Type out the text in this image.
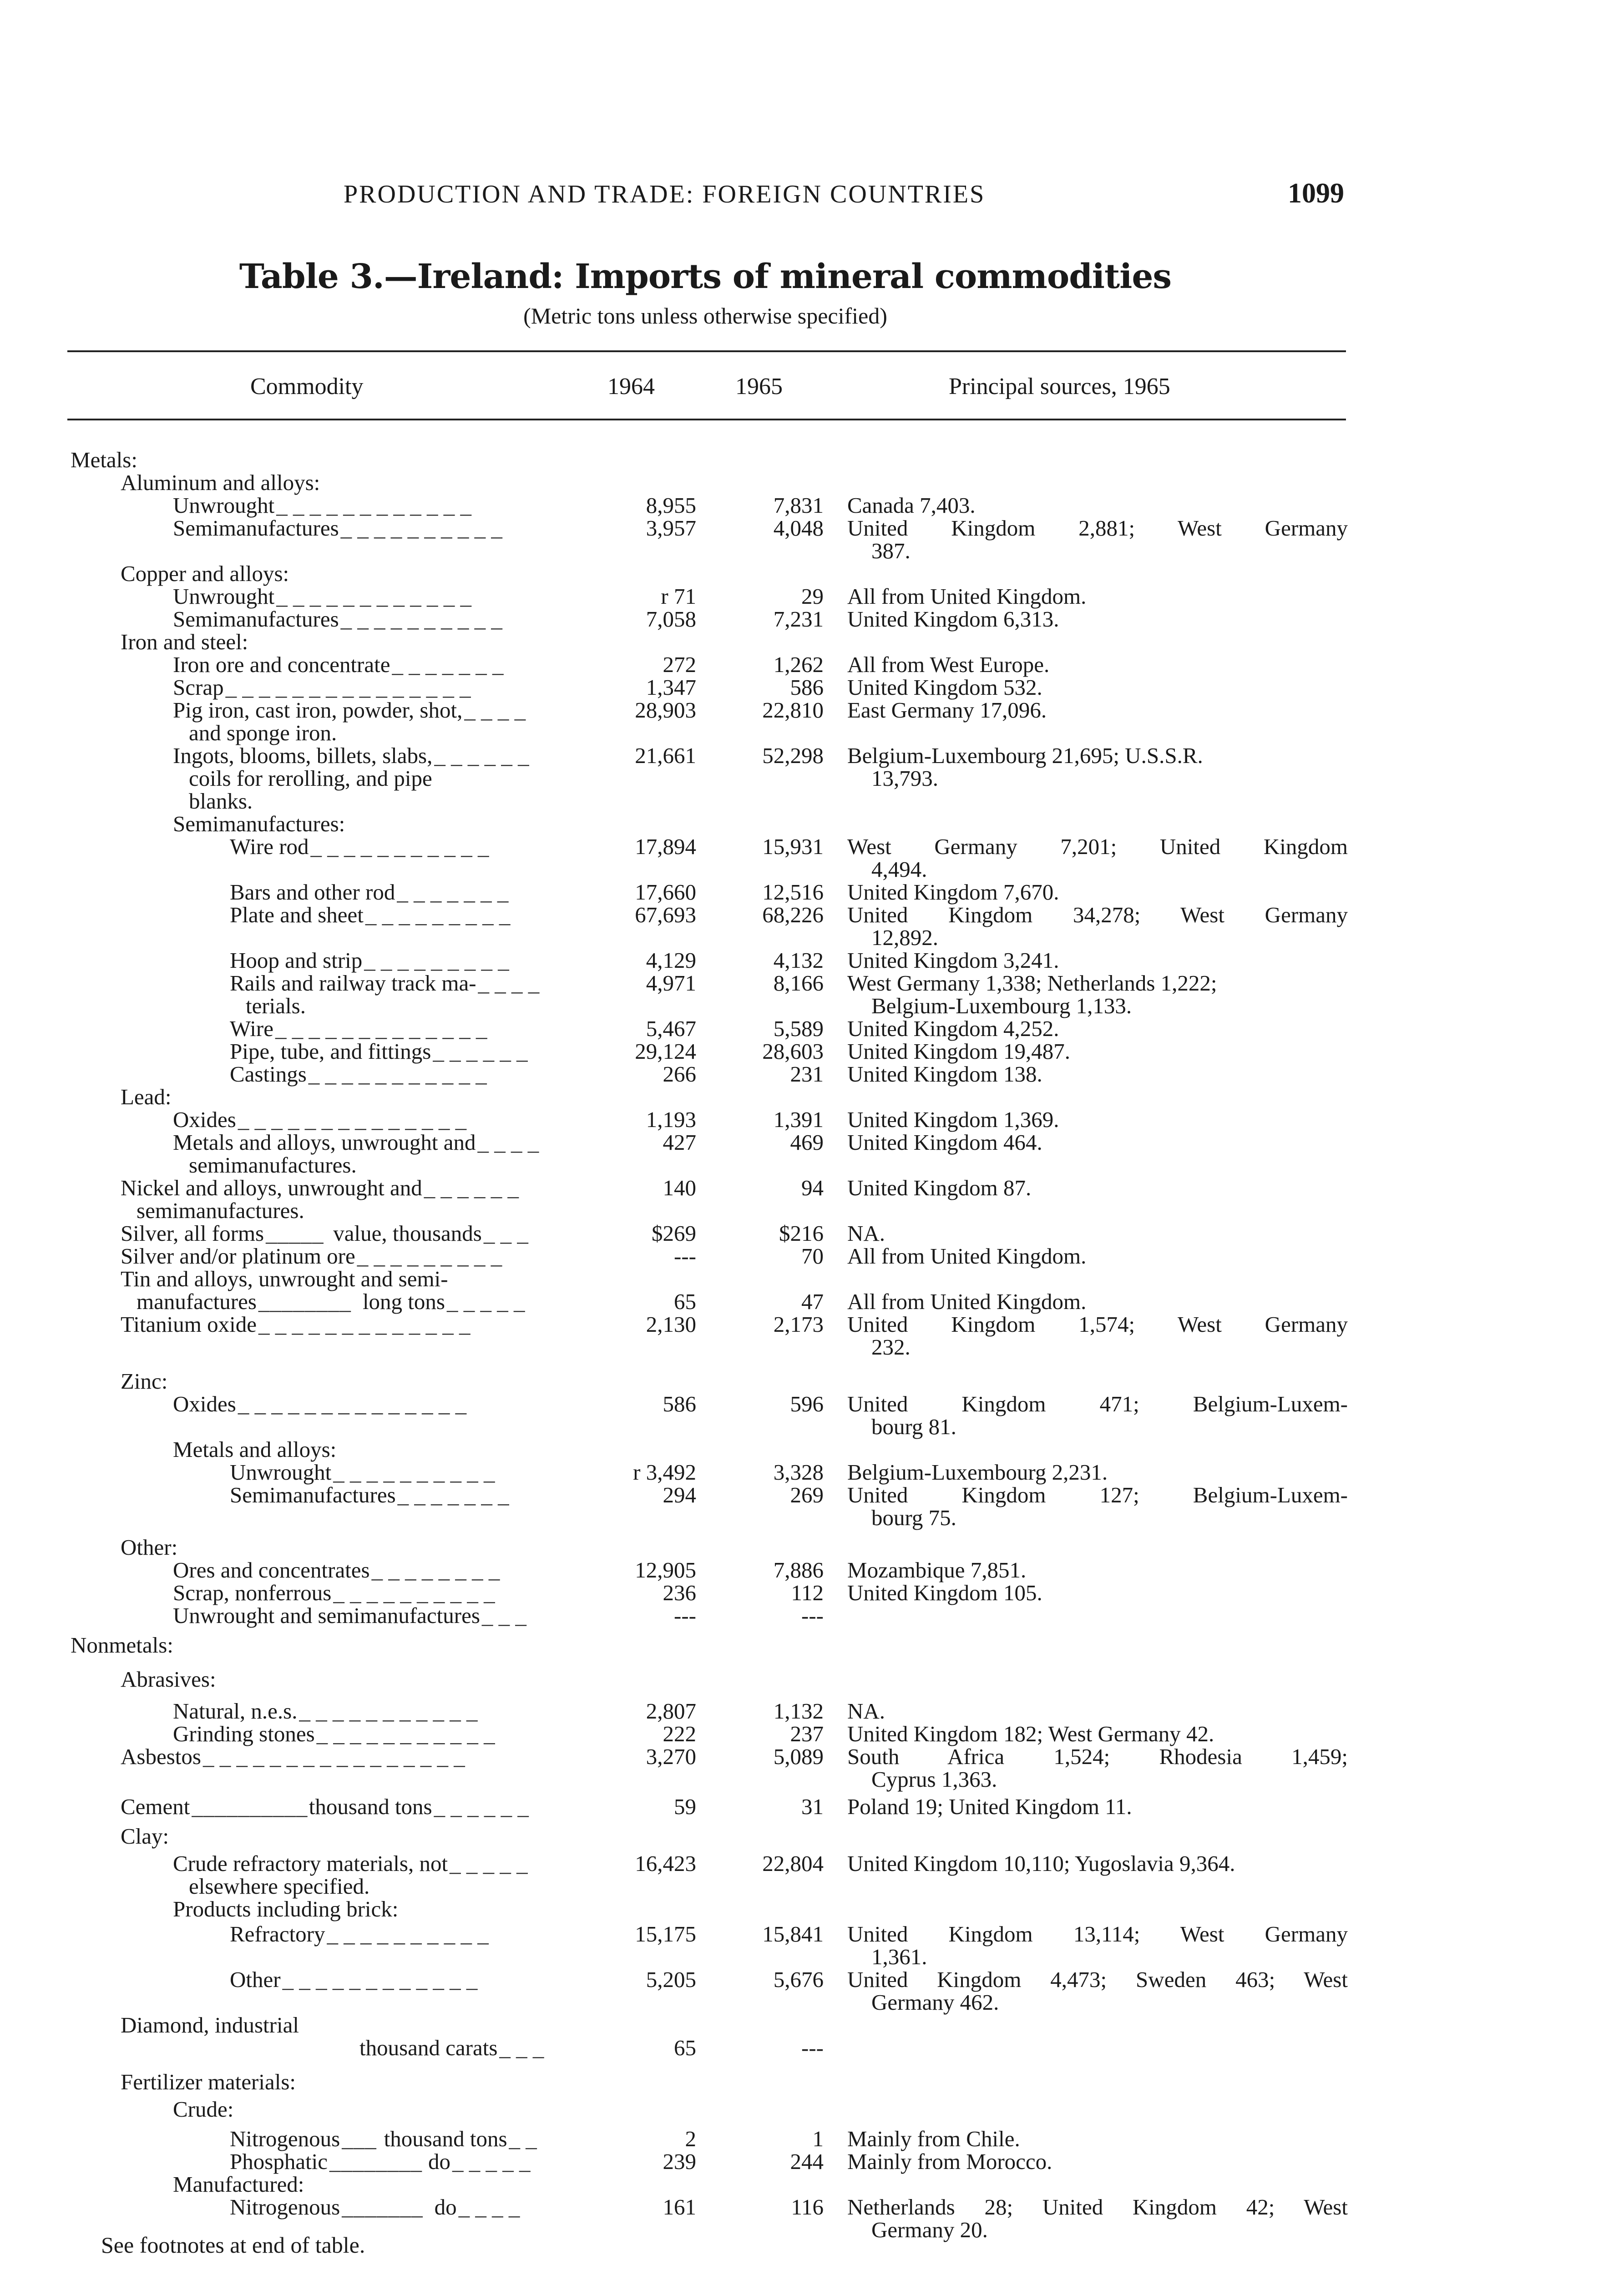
PRODUCTION AND TRADE: FOREIGN COUNTRIES	1099
Table 3.—Ireland: Imports of mineral commodities
(Metric tons unless otherwise specified)
Commodity	1964	1965	Principal sources, 1965
Metals:
Aluminum and alloys:
Unwrought _ _ _ _ _ _ _ _ _ _ _ _	8,955	7,831 Canada 7,403.
Semimanufactures _ _ _ _ _ _ _ _ _ _	3,957	4,048 United Kingdom 2,881; West Germany
387.
Copper and alloys:
Unwrought _ _ _ _ _ _ _ _ _ _ _ _	r 71	29 All from United Kingdom.
Semimanufactures _ _ _ _ _ _ _ _ _ _	7,058	7,231 United Kingdom 6,313.
Iron and steel:
Iron ore and concentrate _ _ _ _ _ _ _	272	1,262 All from West Europe.
Scrap _ _ _ _ _ _ _ _ _ _ _ _ _ _ _	1,347	586 United Kingdom 532.
Pig iron, cast iron, powder, shot, _ _ _ _	28,903	22,810 East Germany 17,096.
and sponge iron.
Ingots, blooms, billets, slabs, _ _ _ _ _ _	21,661	52,298 Belgium-Luxembourg 21,695; U.S.S.R.
coils for rerolling, and pipe	13,793.
blanks.
Semimanufactures:
Wire rod _ _ _ _ _ _ _ _ _ _ _	17,894	15,931 West Germany 7,201; United Kingdom
4,494.
Bars and other rod _ _ _ _ _ _ _	17,660	12,516 United Kingdom 7,670.
Plate and sheet _ _ _ _ _ _ _ _ _	67,693	68,226 United Kingdom 34,278; West Germany
12,892.
Hoop and strip _ _ _ _ _ _ _ _ _	4,129	4,132 United Kingdom 3,241.
Rails and railway track ma- _ _ _ _	4,971	8,166 West Germany 1,338; Netherlands 1,222;
terials.	Belgium-Luxembourg 1,133.
Wire _ _ _ _ _ _ _ _ _ _ _ _ _	5,467	5,589 United Kingdom 4,252.
Pipe, tube, and fittings _ _ _ _ _ _	29,124	28,603 United Kingdom 19,487.
Castings _ _ _ _ _ _ _ _ _ _ _	266	231 United Kingdom 138.
Lead:
Oxides _ _ _ _ _ _ _ _ _ _ _ _ _ _	1,193	1,391 United Kingdom 1,369.
Metals and alloys, unwrought and _ _ _ _	427	469 United Kingdom 464.
semimanufactures.
Nickel and alloys, unwrought and _ _ _ _ _ _	140	94 United Kingdom 87.
semimanufactures.
Silver, all forms _____ value, thousands _ _ _	$269	$216 NA.
Silver and/or platinum ore _ _ _ _ _ _ _ _ _	---	70 All from United Kingdom.
Tin and alloys, unwrought and semi-
manufactures ________ long tons _ _ _ _ _	65	47 All from United Kingdom.
Titanium oxide _ _ _ _ _ _ _ _ _ _ _ _ _	2,130	2,173 United Kingdom 1,574; West Germany
232.
Zinc:
Oxides _ _ _ _ _ _ _ _ _ _ _ _ _ _	586	596 United Kingdom 471; Belgium-Luxem-
bourg 81.
Metals and alloys:
Unwrought _ _ _ _ _ _ _ _ _ _	r 3,492	3,328 Belgium-Luxembourg 2,231.
Semimanufactures _ _ _ _ _ _ _	294	269 United Kingdom 127; Belgium-Luxem-
bourg 75.
Other:
Ores and concentrates _ _ _ _ _ _ _ _	12,905	7,886 Mozambique 7,851.
Scrap, nonferrous _ _ _ _ _ _ _ _ _ _	236	112 United Kingdom 105.
Unwrought and semimanufactures _ _ _	---	---
Nonmetals:
Abrasives:
Natural, n.e.s. _ _ _ _ _ _ _ _ _ _ _	2,807	1,132 NA.
Grinding stones _ _ _ _ _ _ _ _ _ _ _	222	237 United Kingdom 182; West Germany 42.
Asbestos _ _ _ _ _ _ _ _ _ _ _ _ _ _ _ _	3,270	5,089 South Africa 1,524; Rhodesia 1,459;
Cyprus 1,363.
Cement __________ thousand tons _ _ _ _ _ _	59	31 Poland 19; United Kingdom 11.
Clay:
Crude refractory materials, not _ _ _ _ _	16,423	22,804 United Kingdom 10,110; Yugoslavia 9,364.
elsewhere specified.
Products including brick:
Refractory _ _ _ _ _ _ _ _ _ _	15,175	15,841 United Kingdom 13,114; West Germany
1,361.
Other _ _ _ _ _ _ _ _ _ _ _ _	5,205	5,676 United Kingdom 4,473; Sweden 463; West
Germany 462.
Diamond, industrial
thousand carats _ _ _	65	---
Fertilizer materials:
Crude:
Nitrogenous ___ thousand tons _ _	2	1 Mainly from Chile.
Phosphatic ________ do _ _ _ _ _	239	244 Mainly from Morocco.
Manufactured:
Nitrogenous _______ do _ _ _ _	161	116 Netherlands 28; United Kingdom 42; West
Germany 20.
See footnotes at end of table.
